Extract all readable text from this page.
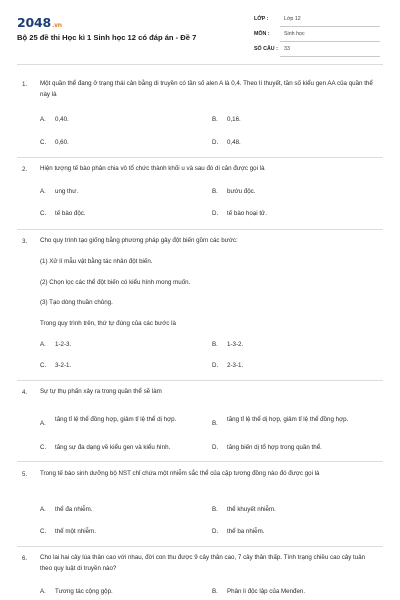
2048.vn
Bộ 25 đề thi Học kì 1 Sinh học 12 có đáp án - Đề 7
LỚP :	Lớp 12
MÔN :	Sinh học
SỐ CÂU : 33
1. Một quần thể đang ở trạng thái cân bằng di truyền có tần số alen A là 0,4. Theo lí thuyết, tần số kiểu gen AA của quần thể này là
A. 0,40.	B. 0,16.
C. 0,60.	D. 0,48.
2. Hiện tượng tế bào phân chia vô tổ chức thành khối u và sau đó di căn được gọi là
A. ung thư.	B. bướu độc.
C. tế bào độc.	D. tế bào hoại tử.
3. Cho quy trình tạo giống bằng phương pháp gây đột biến gồm các bước:
(1) Xử lí mẫu vật bằng tác nhân đột biến.
(2) Chọn lọc các thể đột biến có kiểu hình mong muốn.
(3) Tạo dòng thuần chủng.
Trong quy trình trên, thứ tự đúng của các bước là
A. 1-2-3.	B. 1-3-2.
C. 3-2-1.	D. 2-3-1.
4. Sự tự thụ phấn xảy ra trong quần thể sẽ làm
A.
tăng tỉ lệ thể đồng hợp, giảm tỉ lệ thể dị hợp.
B.
tăng tỉ lệ thể dị hợp, giảm tỉ lệ thể đồng hợp.
C. tăng sự đa dạng về kiểu gen và kiểu hình.	D. tăng biến dị tổ hợp trong quần thể.
5. Trong tế bào sinh dưỡng bộ NST chỉ chứa một nhiễm sắc thể của cặp tương đồng nào đó được gọi là
A. thể đa nhiễm.	B. thể khuyết nhiễm.
C. thể một nhiễm.	D. thể ba nhiễm.
6. Cho lai hai cây lúa thân cao với nhau, đời con thu được 9 cây thân cao, 7 cây thân thấp. Tính trạng chiều cao cây tuân theo quy luật di truyền nào?
A. Tương tác cộng gộp.	B. Phân li độc lập của Menđen.
